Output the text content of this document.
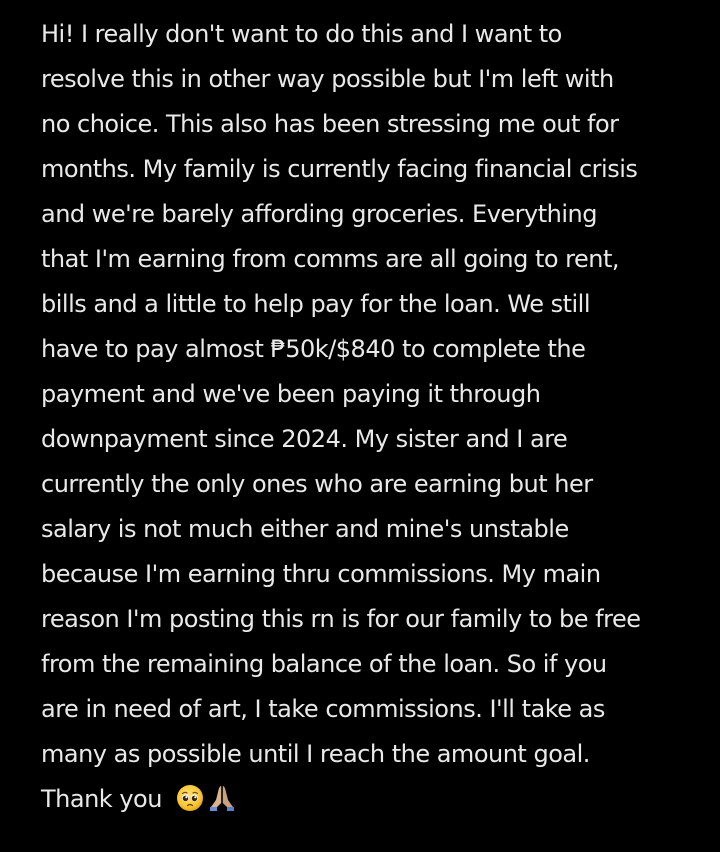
Hi! I really don't want to do this and I want to
resolve this in other way possible but I'm left with
no choice. This also has been stressing me out for
months. My family is currently facing financial crisis
and we're barely affording groceries. Everything
that I'm earning from comms are all going to rent,
bills and a little to help pay for the loan. We still
have to pay almost ₱50k/$840 to complete the
payment and we've been paying it through
downpayment since 2024. My sister and I are
currently the only ones who are earning but her
salary is not much either and mine's unstable
because I'm earning thru commissions. My main
reason I'm posting this rn is for our family to be free
from the remaining balance of the loan. So if you
are in need of art, I take commissions. I'll take as
many as possible until I reach the amount goal.
Thank you
